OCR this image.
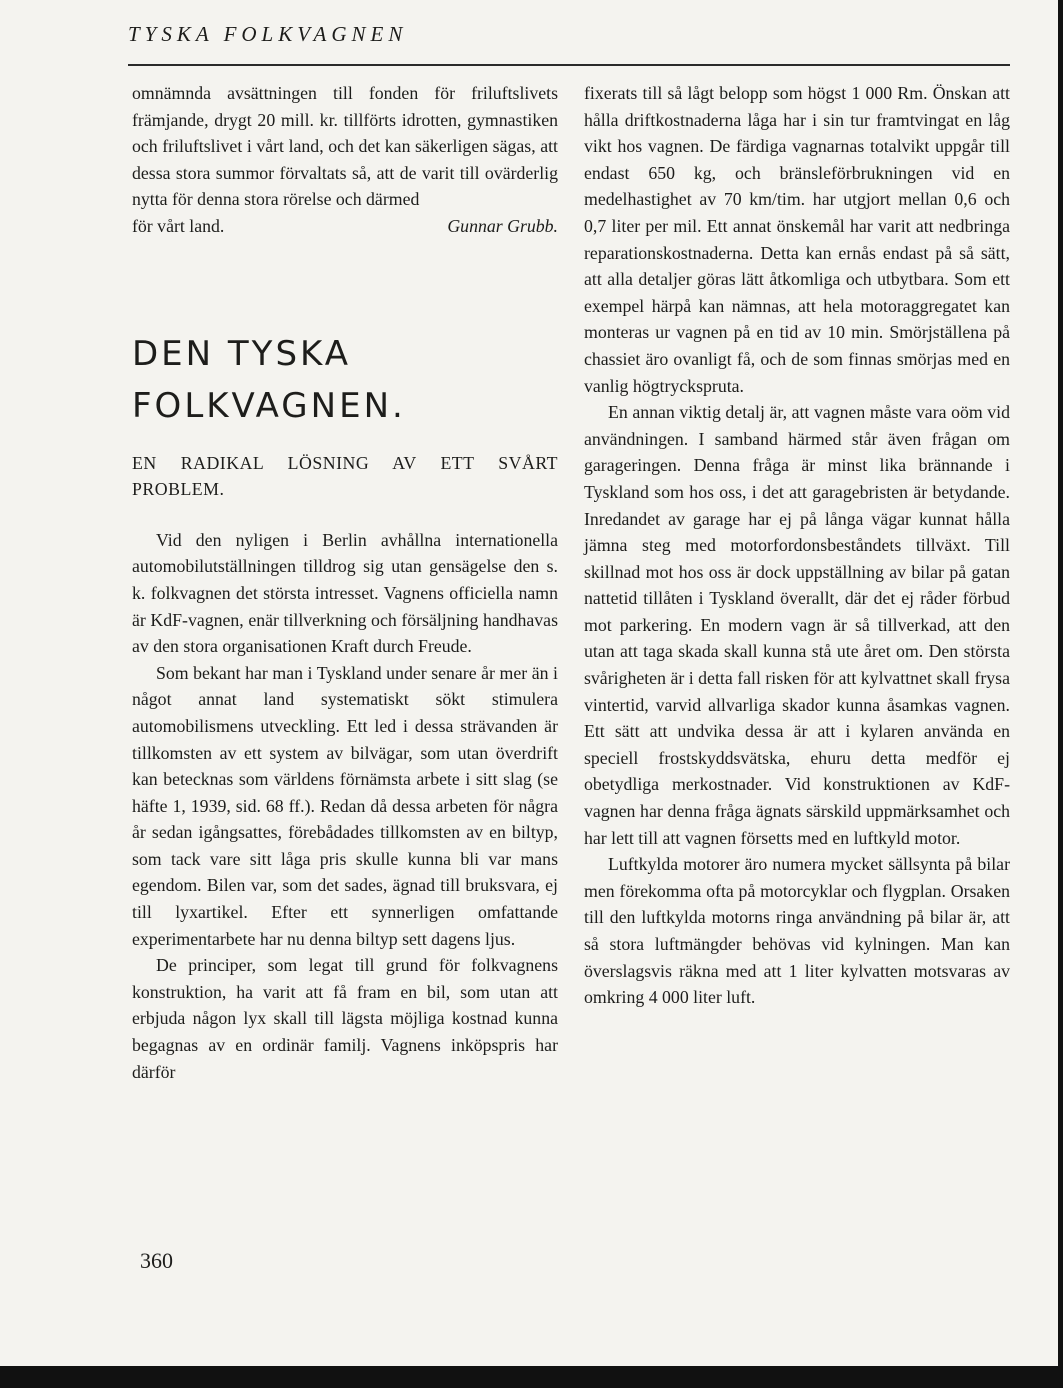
TYSKA FOLKVAGNEN

omnämnda avsättningen till fonden för friluftslivets främjande, drygt 20 mill. kr. tillförts idrotten, gymnastiken och friluftslivet i vårt land, och det kan säkerligen sägas, att dessa stora summor förvaltats så, att de varit till ovärderlig nytta för denna stora rörelse och därmed

för vårt land.	Gunnar Grubb.
DEN TYSKA FOLKVAGNEN.
EN RADIKAL LÖSNING AV ETT SVÅRT PROBLEM.

Vid den nyligen i Berlin avhållna internationella automobilutställningen tilldrog sig utan gensägelse den s. k. folkvagnen det största intresset. Vagnens officiella namn är KdF-vagnen, enär tillverkning och försäljning handhavas av den stora organisationen Kraft durch Freude.

Som bekant har man i Tyskland under senare år mer än i något annat land systematiskt sökt stimulera automobilismens utveckling. Ett led i dessa strävanden är tillkomsten av ett system av bilvägar, som utan överdrift kan betecknas som världens förnämsta arbete i sitt slag (se häfte 1, 1939, sid. 68 ff.). Redan då dessa arbeten för några år sedan igångsattes, förebådades tillkomsten av en biltyp, som tack vare sitt låga pris skulle kunna bli var mans egendom. Bilen var, som det sades, ägnad till bruksvara, ej till lyxartikel. Efter ett synnerligen omfattande experimentarbete har nu denna biltyp sett dagens ljus.

De principer, som legat till grund för folkvagnens konstruktion, ha varit att få fram en bil, som utan att erbjuda någon lyx skall till lägsta möjliga kostnad kunna begagnas av en ordinär familj. Vagnens inköpspris har därför

fixerats till så lågt belopp som högst 1 000 Rm. Önskan att hålla driftkostnaderna låga har i sin tur framtvingat en låg vikt hos vagnen. De färdiga vagnarnas totalvikt uppgår till endast 650 kg, och bränsleförbrukningen vid en medelhastighet av 70 km/tim. har utgjort mellan 0,6 och 0,7 liter per mil. Ett annat önskemål har varit att nedbringa reparationskostnaderna. Detta kan ernås endast på så sätt, att alla detaljer göras lätt åtkomliga och utbytbara. Som ett exempel härpå kan nämnas, att hela motoraggregatet kan monteras ur vagnen på en tid av 10 min. Smörjställena på chassiet äro ovanligt få, och de som finnas smörjas med en vanlig högtryckspruta.

En annan viktig detalj är, att vagnen måste vara oöm vid användningen. I samband härmed står även frågan om garageringen. Denna fråga är minst lika brännande i Tyskland som hos oss, i det att garagebristen är betydande. Inredandet av garage har ej på långa vägar kunnat hålla jämna steg med motorfordonsbeståndets tillväxt. Till skillnad mot hos oss är dock uppställning av bilar på gatan nattetid tillåten i Tyskland överallt, där det ej råder förbud mot parkering. En modern vagn är så tillverkad, att den utan att taga skada skall kunna stå ute året om. Den största svårigheten är i detta fall risken för att kylvattnet skall frysa vintertid, varvid allvarliga skador kunna åsamkas vagnen. Ett sätt att undvika dessa är att i kylaren använda en speciell frostskyddsvätska, ehuru detta medför ej obetydliga merkostnader. Vid konstruktionen av KdF-vagnen har denna fråga ägnats särskild uppmärksamhet och har lett till att vagnen försetts med en luftkyld motor.

Luftkylda motorer äro numera mycket sällsynta på bilar men förekomma ofta på motorcyklar och flygplan. Orsaken till den luftkylda motorns ringa användning på bilar är, att så stora luftmängder behövas vid kylningen. Man kan överslagsvis räkna med att 1 liter kylvatten motsvaras av omkring 4 000 liter luft.

360
